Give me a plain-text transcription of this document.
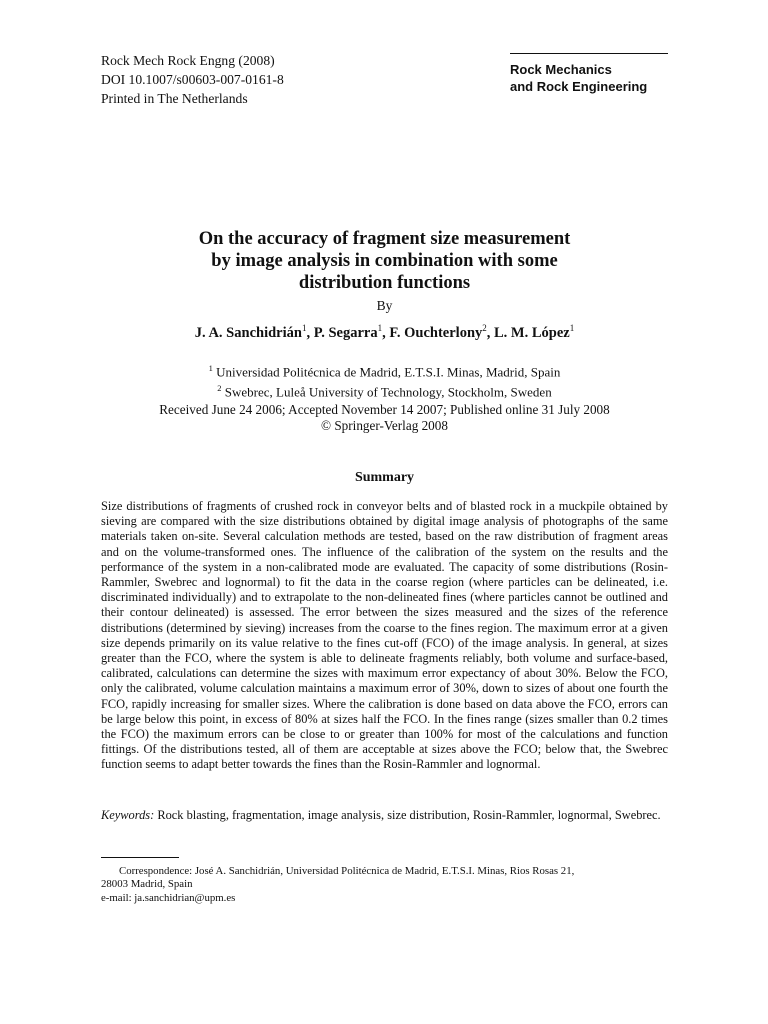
Rock Mech Rock Engng (2008)
DOI 10.1007/s00603-007-0161-8
Printed in The Netherlands
Rock Mechanics
and Rock Engineering
On the accuracy of fragment size measurement
by image analysis in combination with some
distribution functions
By
J. A. Sanchidrián$^1$, P. Segarra$^1$, F. Ouchterlony$^2$, L. M. López$^1$
$^1$ Universidad Politécnica de Madrid, E.T.S.I. Minas, Madrid, Spain
$^2$ Swebrec, Luleå University of Technology, Stockholm, Sweden
Received June 24 2006; Accepted November 14 2007; Published online 31 July 2008
© Springer-Verlag 2008
Summary
Size distributions of fragments of crushed rock in conveyor belts and of blasted rock in a muckpile obtained by sieving are compared with the size distributions obtained by digital image analysis of photographs of the same materials taken on-site. Several calculation methods are tested, based on the raw distribution of fragment areas and on the volume-transformed ones. The influence of the calibration of the system on the results and the performance of the system in a non-calibrated mode are evaluated. The capacity of some distributions (Rosin-Rammler, Swebrec and lognormal) to fit the data in the coarse region (where particles can be delineated, i.e. discriminated individually) and to extrapolate to the non-delineated fines (where particles cannot be outlined and their contour delineated) is assessed. The error between the sizes measured and the sizes of the reference distributions (determined by sieving) increases from the coarse to the fines region. The maximum error at a given size depends primarily on its value relative to the fines cut-off (FCO) of the image analysis. In general, at sizes greater than the FCO, where the system is able to delineate fragments reliably, both volume and surface-based, calibrated, calculations can determine the sizes with maximum error expectancy of about 30%. Below the FCO, only the calibrated, volume calculation maintains a maximum error of 30%, down to sizes of about one fourth the FCO, rapidly increasing for smaller sizes. Where the calibration is done based on data above the FCO, errors can be large below this point, in excess of 80% at sizes half the FCO. In the fines range (sizes smaller than 0.2 times the FCO) the maximum errors can be close to or greater than 100% for most of the calculations and function fittings. Of the distributions tested, all of them are acceptable at sizes above the FCO; below that, the Swebrec function seems to adapt better towards the fines than the Rosin-Rammler and lognormal.
Keywords: Rock blasting, fragmentation, image analysis, size distribution, Rosin-Rammler, lognormal, Swebrec.
Correspondence: José A. Sanchidrián, Universidad Politécnica de Madrid, E.T.S.I. Minas, Rios Rosas 21,
28003 Madrid, Spain
e-mail: ja.sanchidrian@upm.es
